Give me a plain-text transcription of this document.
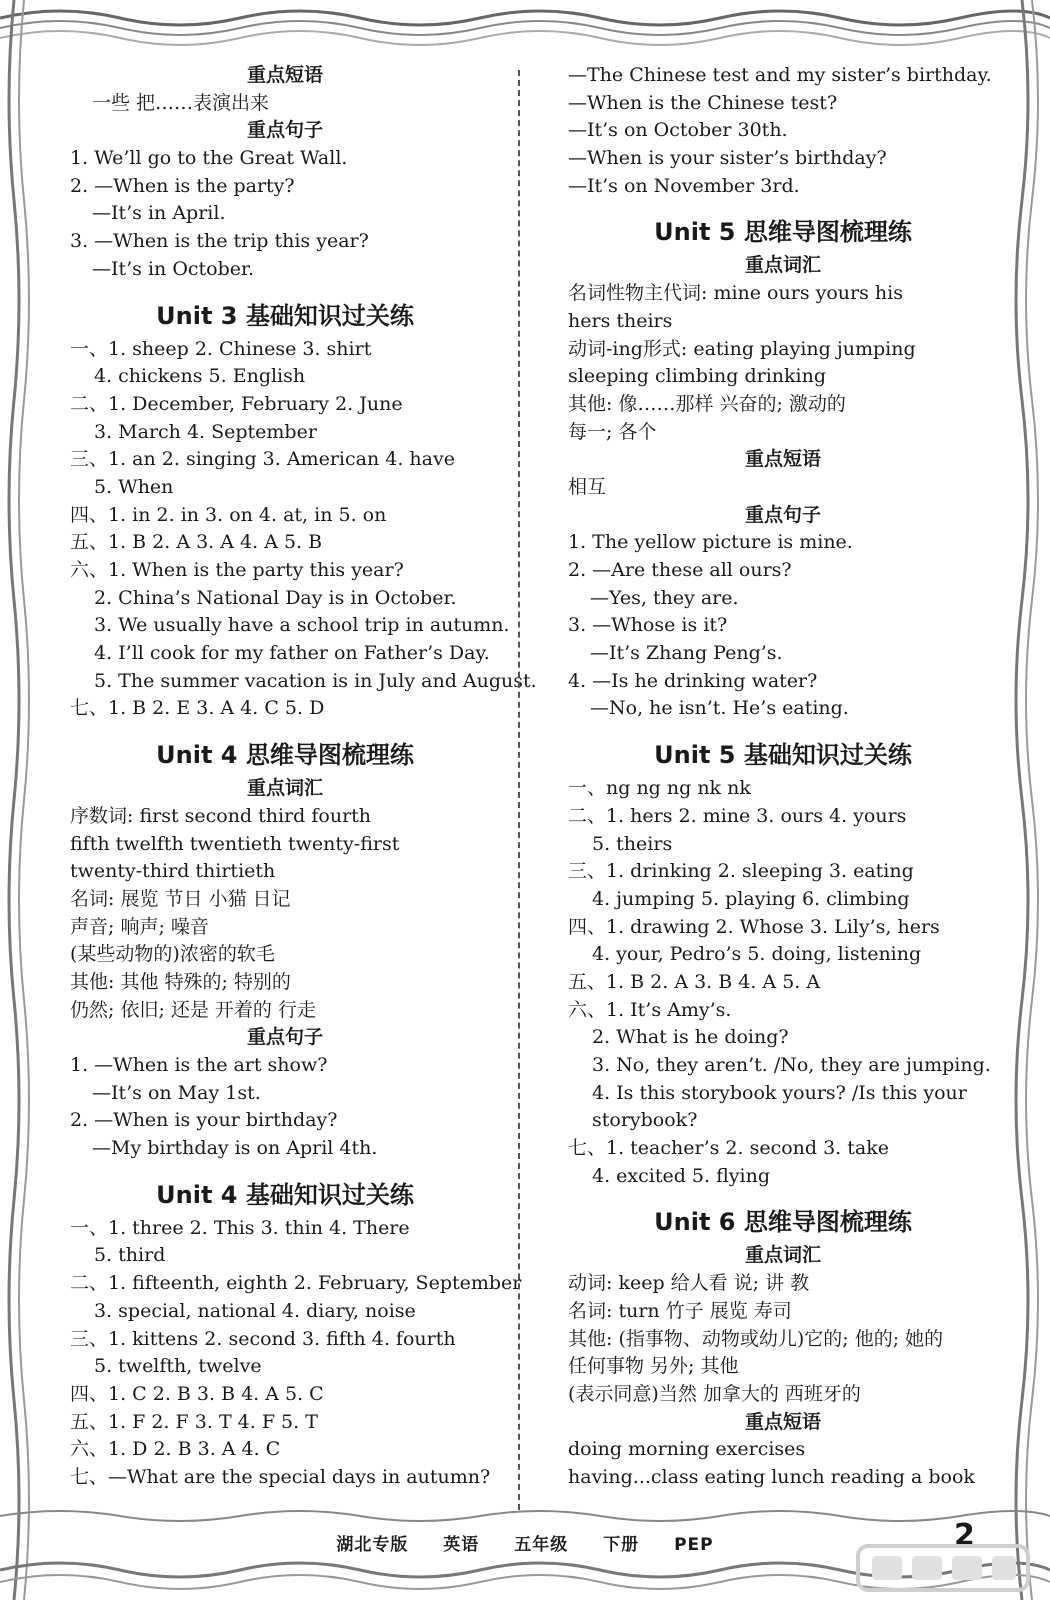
重点短语
一些 把……表演出来
重点句子
1. We’ll go to the Great Wall.
2. —When is the party?
—It’s in April.
3. —When is the trip this year?
—It’s in October.
Unit 3 基础知识过关练
一、1. sheep 2. Chinese 3. shirt
4. chickens 5. English
二、1. December, February 2. June
3. March 4. September
三、1. an 2. singing 3. American 4. have
5. When
四、1. in 2. in 3. on 4. at, in 5. on
五、1. B 2. A 3. A 4. A 5. B
六、1. When is the party this year?
2. China’s National Day is in October.
3. We usually have a school trip in autumn.
4. I’ll cook for my father on Father’s Day.
5. The summer vacation is in July and August.
七、1. B 2. E 3. A 4. C 5. D
Unit 4 思维导图梳理练
重点词汇
序数词: first second third fourth
fifth twelfth twentieth twenty-first
twenty-third thirtieth
名词: 展览 节日 小猫 日记
声音; 响声; 噪音
(某些动物的)浓密的软毛
其他: 其他 特殊的; 特别的
仍然; 依旧; 还是 开着的 行走
重点句子
1. —When is the art show?
—It’s on May 1st.
2. —When is your birthday?
—My birthday is on April 4th.
Unit 4 基础知识过关练
一、1. three 2. This 3. thin 4. There
5. third
二、1. fifteenth, eighth 2. February, September
3. special, national 4. diary, noise
三、1. kittens 2. second 3. fifth 4. fourth
5. twelfth, twelve
四、1. C 2. B 3. B 4. A 5. C
五、1. F 2. F 3. T 4. F 5. T
六、1. D 2. B 3. A 4. C
七、—What are the special days in autumn?
—The Chinese test and my sister’s birthday.
—When is the Chinese test?
—It’s on October 30th.
—When is your sister’s birthday?
—It’s on November 3rd.
Unit 5 思维导图梳理练
重点词汇
名词性物主代词: mine ours yours his
hers theirs
动词-ing形式: eating playing jumping
sleeping climbing drinking
其他: 像……那样 兴奋的; 激动的
每一; 各个
重点短语
相互
重点句子
1. The yellow picture is mine.
2. —Are these all ours?
—Yes, they are.
3. —Whose is it?
—It’s Zhang Peng’s.
4. —Is he drinking water?
—No, he isn’t. He’s eating.
Unit 5 基础知识过关练
一、ng ng ng nk nk
二、1. hers 2. mine 3. ours 4. yours
5. theirs
三、1. drinking 2. sleeping 3. eating
4. jumping 5. playing 6. climbing
四、1. drawing 2. Whose 3. Lily’s, hers
4. your, Pedro’s 5. doing, listening
五、1. B 2. A 3. B 4. A 5. A
六、1. It’s Amy’s.
2. What is he doing?
3. No, they aren’t. /No, they are jumping.
4. Is this storybook yours? /Is this your
storybook?
七、1. teacher’s 2. second 3. take
4. excited 5. flying
Unit 6 思维导图梳理练
重点词汇
动词: keep 给人看 说; 讲 教
名词: turn 竹子 展览 寿司
其他: (指事物、动物或幼儿)它的; 他的; 她的
任何事物 另外; 其他
(表示同意)当然 加拿大的 西班牙的
重点短语
doing morning exercises
having...class eating lunch reading a book
湖北专版 英语 五年级 下册 PEP	2
